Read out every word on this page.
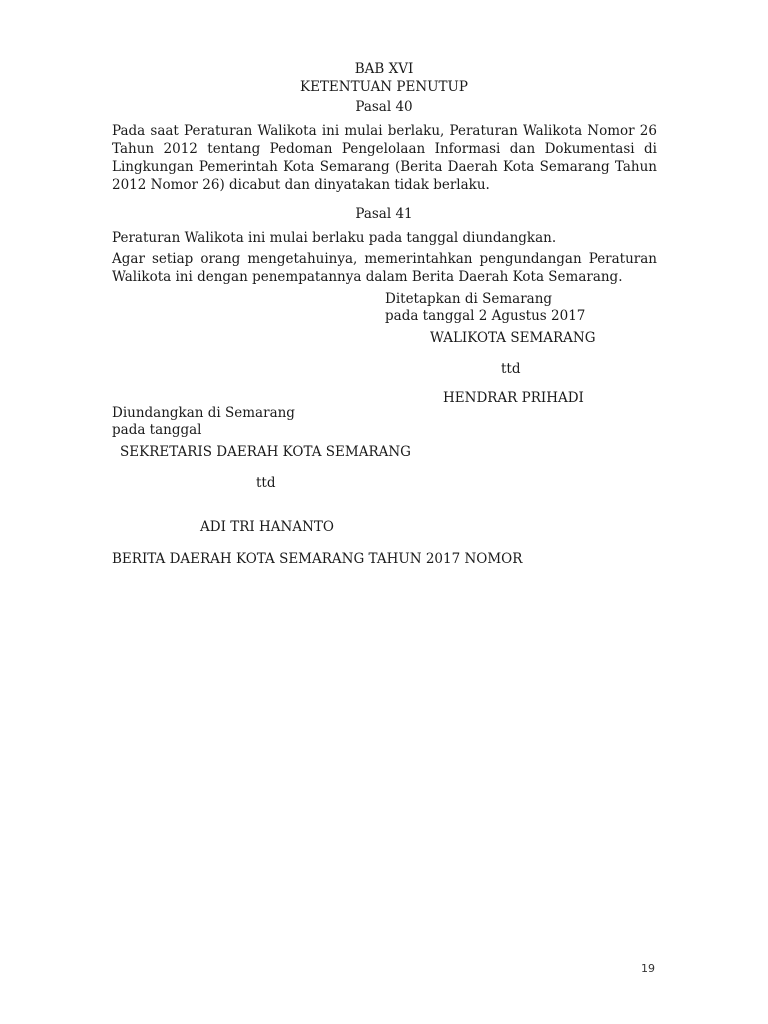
BAB XVI
KETENTUAN PENUTUP
Pasal 40
Pada saat Peraturan Walikota ini mulai berlaku, Peraturan Walikota Nomor 26 Tahun 2012 tentang Pedoman Pengelolaan Informasi dan Dokumentasi di Lingkungan Pemerintah Kota Semarang (Berita Daerah Kota Semarang Tahun 2012 Nomor 26) dicabut dan dinyatakan tidak berlaku.
Pasal 41
Peraturan Walikota ini mulai berlaku pada tanggal diundangkan.
Agar setiap orang mengetahuinya, memerintahkan pengundangan Peraturan Walikota ini dengan penempatannya dalam Berita Daerah Kota Semarang.
Ditetapkan di Semarang
pada tanggal 2 Agustus 2017
WALIKOTA SEMARANG
ttd
HENDRAR PRIHADI
Diundangkan di Semarang
pada tanggal
SEKRETARIS DAERAH KOTA SEMARANG
ttd
ADI TRI HANANTO
BERITA DAERAH KOTA SEMARANG TAHUN 2017 NOMOR
19
